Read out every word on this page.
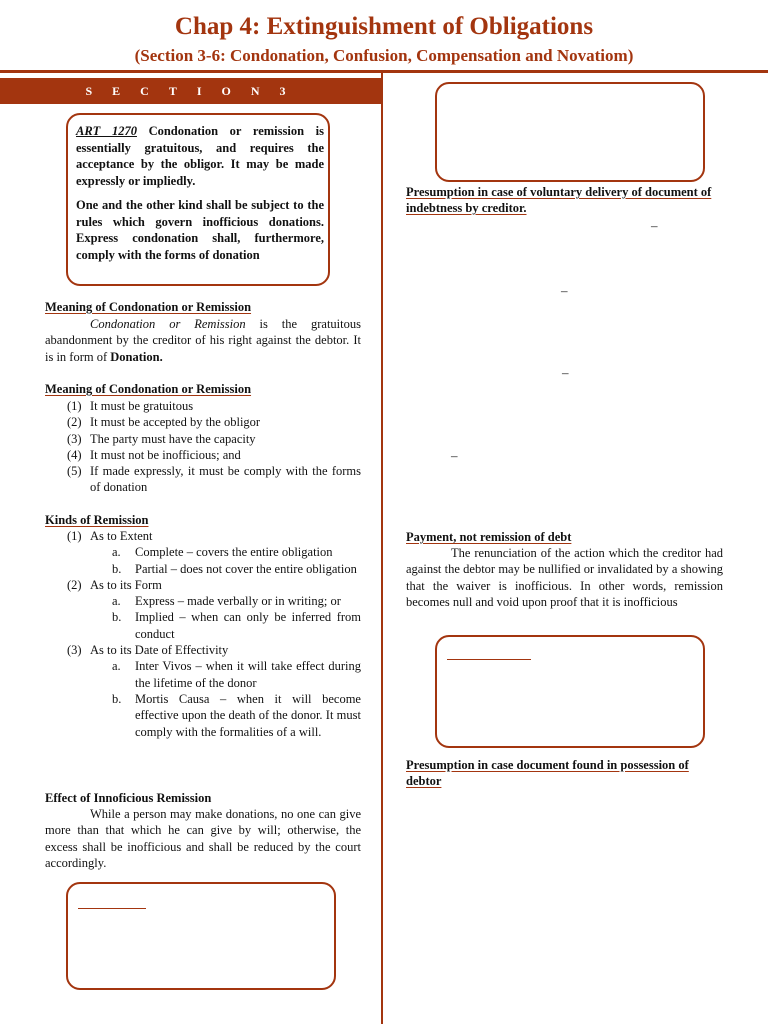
Chap 4: Extinguishment of Obligations
(Section 3-6: Condonation, Confusion, Compensation and Novatiom)
SECTION3

ART 1270 Condonation or remission is essentially gratuitous, and requires the acceptance by the obligor. It may be made expressly or impliedly.

One and the other kind shall be subject to the rules which govern inofficious donations. Express condonation shall, furthermore, comply with the forms of donation

Meaning of Condonation or Remission
Condonation or Remission is the gratuitous abandonment by the creditor of his right against the debtor. It is in form of Donation.
Meaning of Condonation or Remission
(1) It must be gratuitous
(2) It must be accepted by the obligor
(3) The party must have the capacity
(4) It must not be inofficious; and
(5) If made expressly, it must be comply with the forms of donation
Kinds of Remission
(1) As to Extent
a. Complete – covers the entire obligation
b. Partial – does not cover the entire obligation
(2) As to its Form
a. Express – made verbally or in writing; or
b. Implied – when can only be inferred from conduct
(3) As to its Date of Effectivity
a. Inter Vivos – when it will take effect during the lifetime of the donor
b. Mortis Causa – when it will become effective upon the death of the donor. It must comply with the formalities of a will.
Effect of Innoficious Remission
While a person may make donations, no one can give more than that which he can give by will; otherwise, the excess shall be inofficious and shall be reduced by the court accordingly.
Presumption in case of voluntary delivery of document of indebtness by creditor.
–
–
–
–
Payment, not remission of debt
The renunciation of the action which the creditor had against the debtor may be nullified or invalidated by a showing that the waiver is inofficious. In other words, remission becomes null and void upon proof that it is inofficious
Presumption in case document found in possession of debtor
